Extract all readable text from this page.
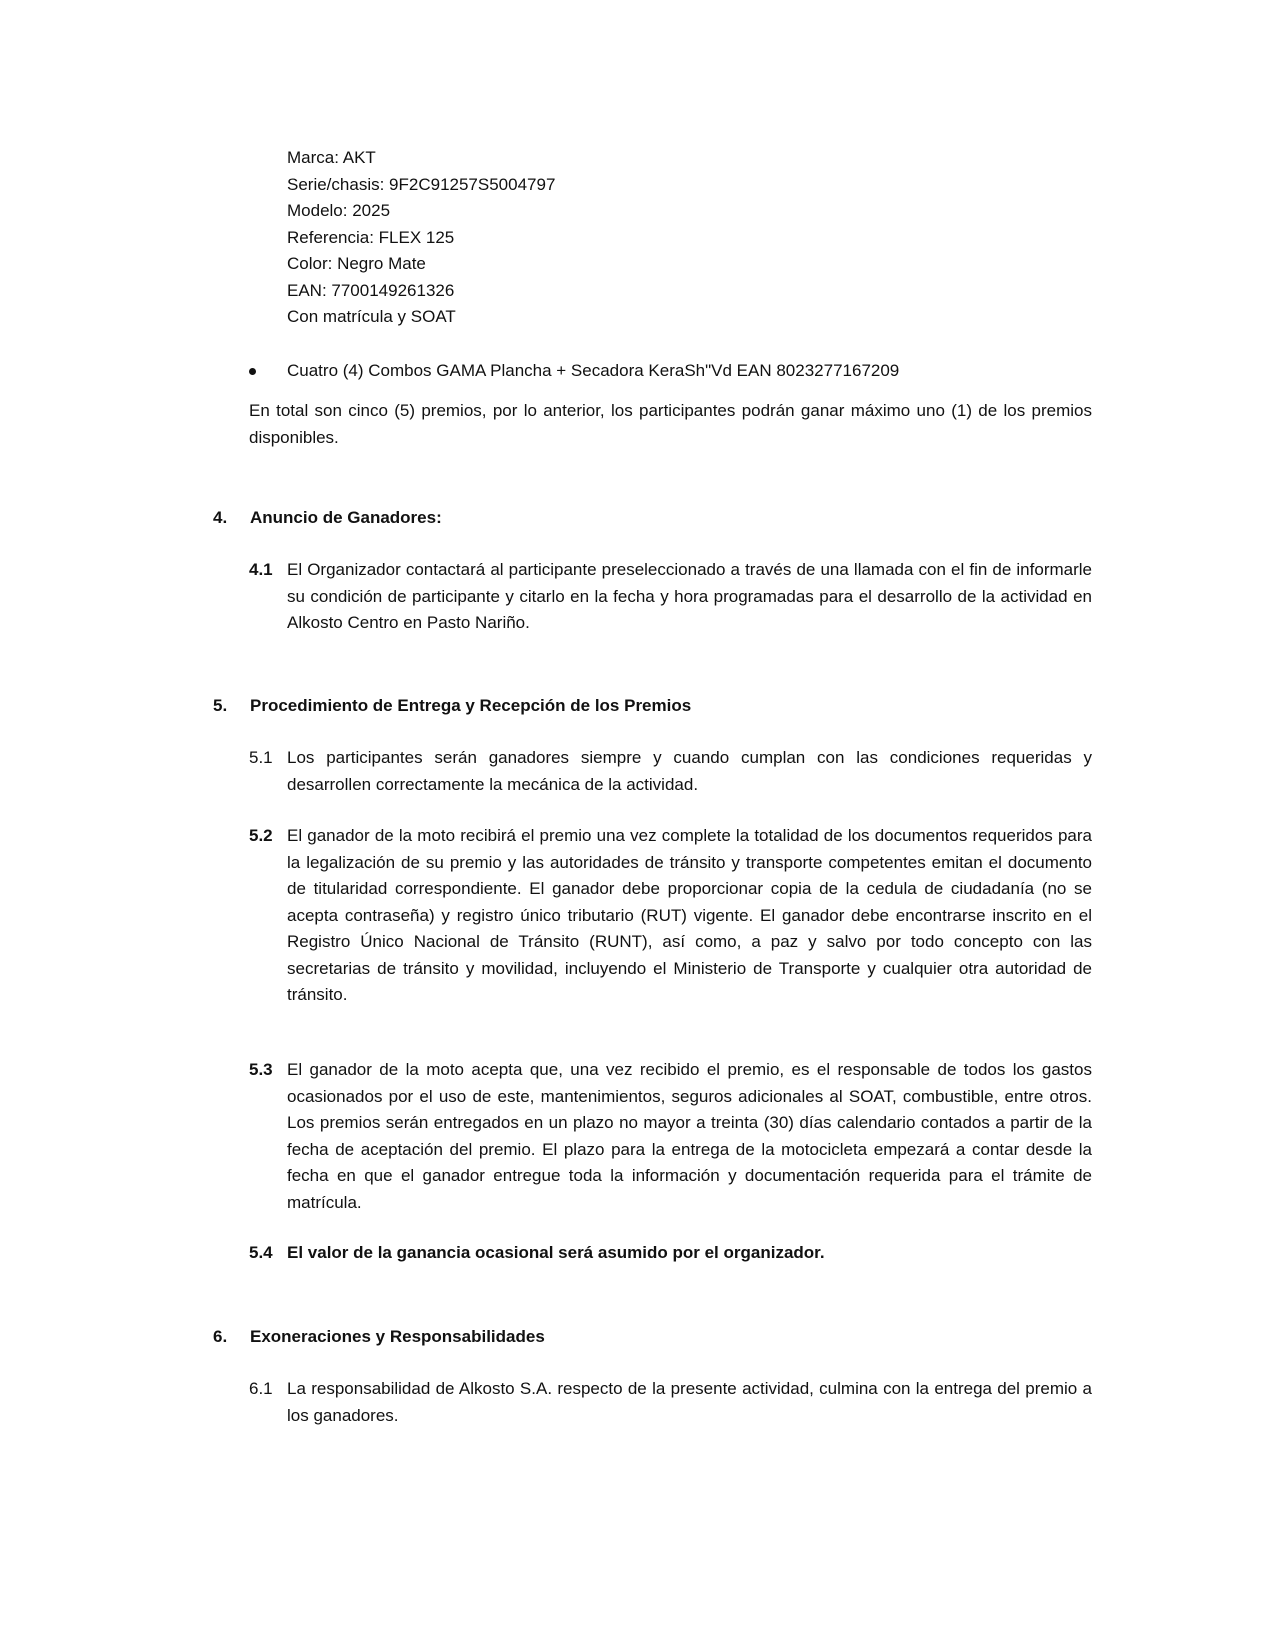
Marca: AKT
Serie/chasis: 9F2C91257S5004797
Modelo: 2025
Referencia: FLEX 125
Color: Negro Mate
EAN: 7700149261326
Con matrícula y SOAT
Cuatro (4) Combos GAMA Plancha + Secadora KeraSh"Vd EAN 8023277167209
En total son cinco (5) premios, por lo anterior, los participantes podrán ganar máximo uno (1) de los premios disponibles.
4. Anuncio de Ganadores:
4.1 El Organizador contactará al participante preseleccionado a través de una llamada con el fin de informarle su condición de participante y citarlo en la fecha y hora programadas para el desarrollo de la actividad en Alkosto Centro en Pasto Nariño.
5. Procedimiento de Entrega y Recepción de los Premios
5.1 Los participantes serán ganadores siempre y cuando cumplan con las condiciones requeridas y desarrollen correctamente la mecánica de la actividad.
5.2 El ganador de la moto recibirá el premio una vez complete la totalidad de los documentos requeridos para la legalización de su premio y las autoridades de tránsito y transporte competentes emitan el documento de titularidad correspondiente. El ganador debe proporcionar copia de la cedula de ciudadanía (no se acepta contraseña) y registro único tributario (RUT) vigente. El ganador debe encontrarse inscrito en el Registro Único Nacional de Tránsito (RUNT), así como, a paz y salvo por todo concepto con las secretarias de tránsito y movilidad, incluyendo el Ministerio de Transporte y cualquier otra autoridad de tránsito.
5.3 El ganador de la moto acepta que, una vez recibido el premio, es el responsable de todos los gastos ocasionados por el uso de este, mantenimientos, seguros adicionales al SOAT, combustible, entre otros. Los premios serán entregados en un plazo no mayor a treinta (30) días calendario contados a partir de la fecha de aceptación del premio. El plazo para la entrega de la motocicleta empezará a contar desde la fecha en que el ganador entregue toda la información y documentación requerida para el trámite de matrícula.
5.4 El valor de la ganancia ocasional será asumido por el organizador.
6. Exoneraciones y Responsabilidades
6.1 La responsabilidad de Alkosto S.A. respecto de la presente actividad, culmina con la entrega del premio a los ganadores.
